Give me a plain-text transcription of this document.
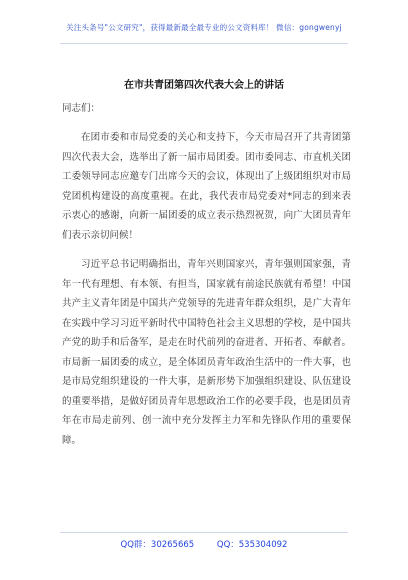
关注头条号"公文研究"，获得最新最全最专业的公文资料库！ 微信：gongwenyj
在市共青团第四次代表大会上的讲话
同志们：

在团市委和市局党委的关心和支持下，今天市局召开了共青团第四次代表大会，选举出了新一届市局团委。团市委同志、市直机关团工委领导同志应邀专门出席今天的会议，体现出了上级团组织对市局党团机构建设的高度重视。在此，我代表市局党委对*同志的到来表示衷心的感谢，向新一届团委的成立表示热烈祝贺，向广大团员青年们表示亲切问候！

习近平总书记明确指出，青年兴则国家兴，青年强则国家强，青年一代有理想、有本领、有担当，国家就有前途民族就有希望！中国共产主义青年团是中国共产党领导的先进青年群众组织，是广大青年在实践中学习习近平新时代中国特色社会主义思想的学校，是中国共产党的助手和后备军，是走在时代前列的奋进者、开拓者、奉献者。市局新一届团委的成立，是全体团员青年政治生活中的一件大事，也是市局党组织建设的一件大事，是新形势下加强组织建设、队伍建设的重要举措，是做好团员青年思想政治工作的必要手段，也是团员青年在市局走前列、创一流中充分发挥主力军和先锋队作用的重要保障。

QQ群：30265665	QQ：535304092
